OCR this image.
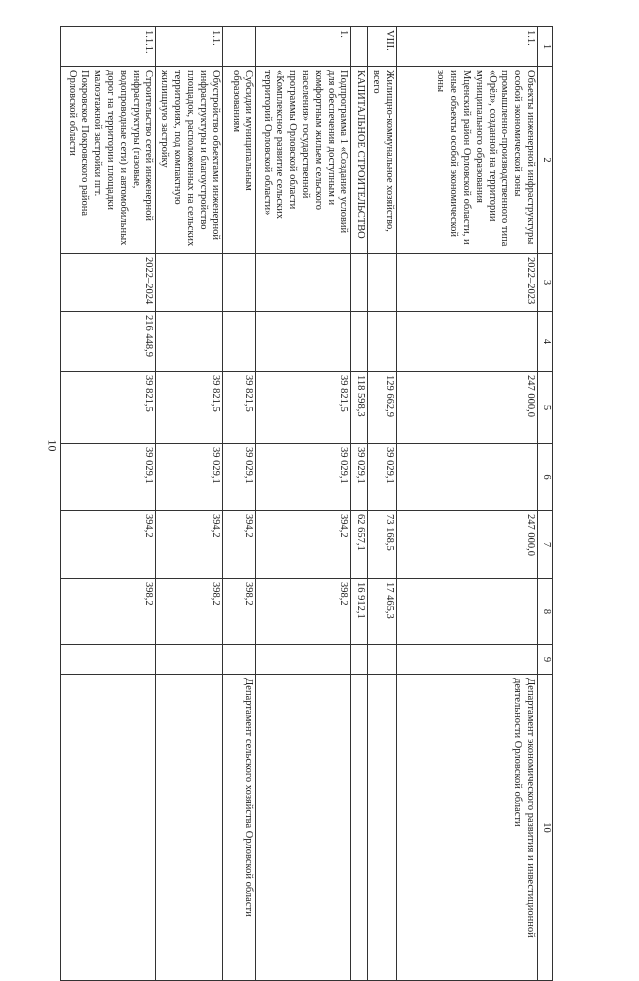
10
1	2	3	4	5	6	7	8	9	10
1.1.	Объекты инженерной инфраструктуры особой экономической зоны промышленно-производственного типа «Орёл», созданной на территории муниципального образования Мценский район Орловской области, и иные объекты особой экономической зоны	2022–2023		247 000,0		247 000,0			Департамент экономического развития и инвестиционной деятельности Орловской области
VIII.	Жилищно-коммунальное хозяйство, всего			129 662,9	39 029,1	73 168,5	17 465,3		
	КАПИТАЛЬНОЕ СТРОИТЕЛЬСТВО			118 598,3	39 029,1	62 657,1	16 912,1		
1.	Подпрограмма 1 «Создание условий для обеспечения доступным и комфортным жильем сельского населения» государственной программы Орловской области «Комплексное развитие сельских территорий Орловской области»			39 821,5	39 029,1	394,2	398,2		
	Субсидии муниципальным образованиям			39 821,5	39 029,1	394,2	398,2		Департамент сельского хозяйства Орловской области
1.1.	Обустройство объектами инженерной инфраструктуры и благоустройство площадок, расположенных на сельских территориях, под компактную жилищную застройку			39 821,5	39 029,1	394,2	398,2		
1.1.1.	Строительство сетей инженерной инфраструктуры (газовые, водопроводные сети) и автомобильных дорог на территории площадки малоэтажной застройки пгт. Покровское Покровского района Орловской области	2022–2024	216 448,9	39 821,5	39 029,1	394,2	398,2		
